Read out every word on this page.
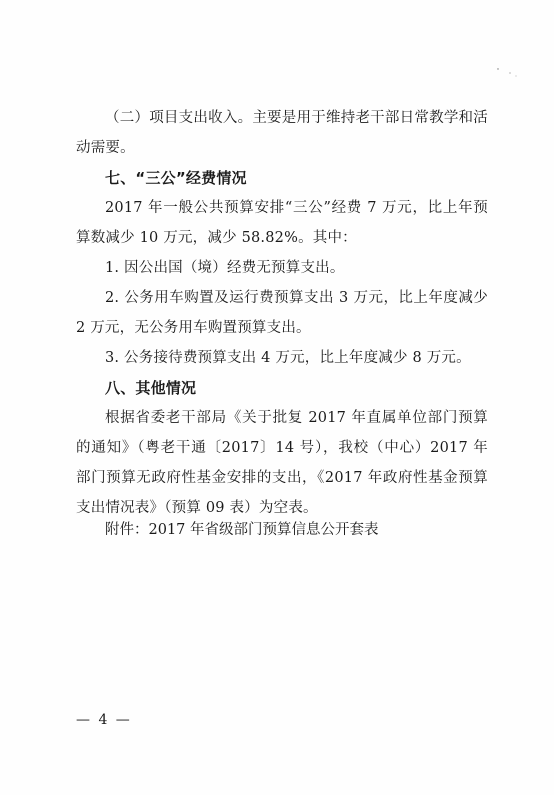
（二）项目支出收入。主要是用于维持老干部日常教学和活动需要。

七、“三公”经费情况

2017 年一般公共预算安排“三公”经费 7 万元，比上年预算数减少 10 万元，减少 58.82%。其中：

1. 因公出国（境）经费无预算支出。

2. 公务用车购置及运行费预算支出 3 万元，比上年度减少 2 万元，无公务用车购置预算支出。

3. 公务接待费预算支出 4 万元，比上年度减少 8 万元。

八、其他情况

根据省委老干部局《关于批复 2017 年直属单位部门预算的通知》（粤老干通〔2017〕14 号），我校（中心）2017 年部门预算无政府性基金安排的支出，《2017 年政府性基金预算支出情况表》（预算 09 表）为空表。

附件：2017 年省级部门预算信息公开套表
— 4 —
